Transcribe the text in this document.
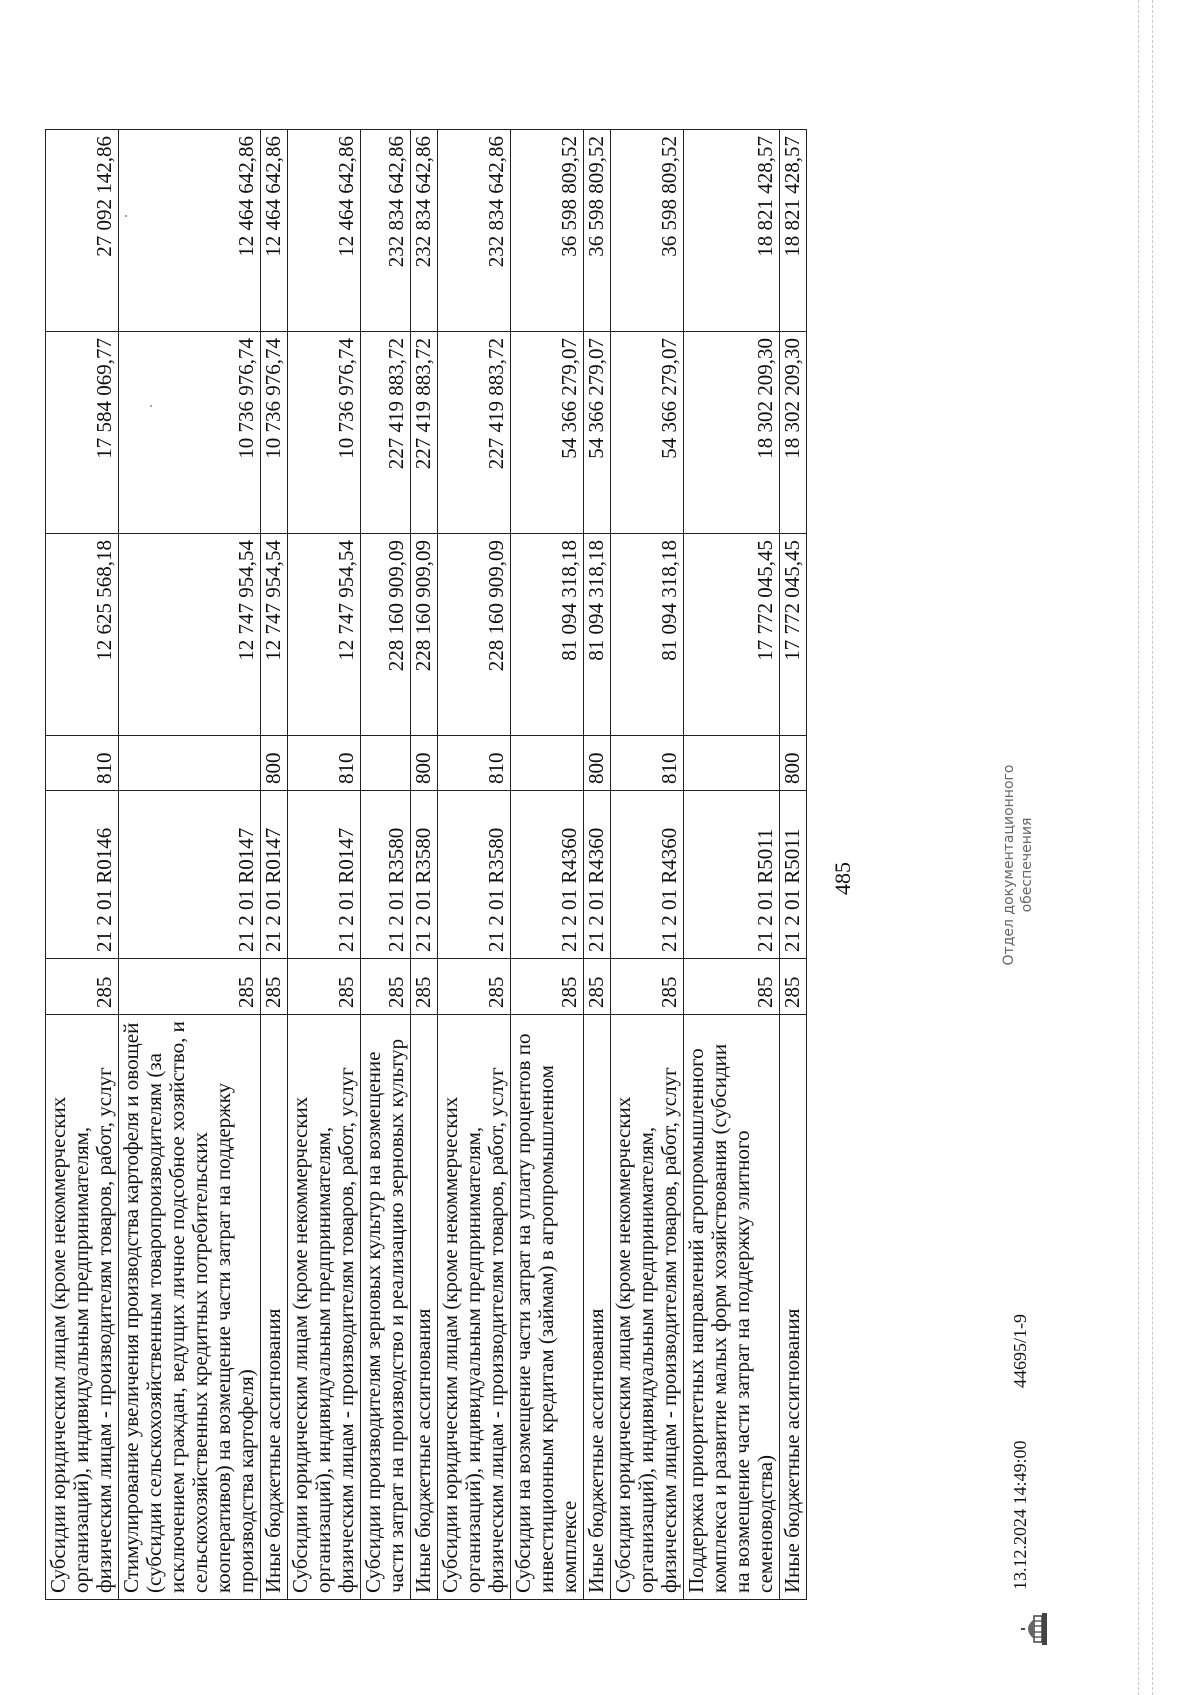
485
Субсидии юридическим лицам (кроме некоммерческих организаций), индивидуальным предпринимателям, физическим лицам - производителям товаров, работ, услуг	285	21 2 01 R0146	810	12 625 568,18	17 584 069,77	27 092 142,86
Стимулирование увеличения производства картофеля и овощей (субсидии сельскохозяйственным товаропроизводителям (за исключением граждан, ведущих личное подсобное хозяйство, и сельскохозяйственных кредитных потребительских кооперативов) на возмещение части затрат на поддержку производства картофеля)	285	21 2 01 R0147		12 747 954,54	10 736 976,74	12 464 642,86
Иные бюджетные ассигнования	285	21 2 01 R0147	800	12 747 954,54	10 736 976,74	12 464 642,86
Субсидии юридическим лицам (кроме некоммерческих организаций), индивидуальным предпринимателям, физическим лицам - производителям товаров, работ, услуг	285	21 2 01 R0147	810	12 747 954,54	10 736 976,74	12 464 642,86
Субсидии производителям зерновых культур на возмещение части затрат на производство и реализацию зерновых культур	285	21 2 01 R3580		228 160 909,09	227 419 883,72	232 834 642,86
Иные бюджетные ассигнования	285	21 2 01 R3580	800	228 160 909,09	227 419 883,72	232 834 642,86
Субсидии юридическим лицам (кроме некоммерческих организаций), индивидуальным предпринимателям, физическим лицам - производителям товаров, работ, услуг	285	21 2 01 R3580	810	228 160 909,09	227 419 883,72	232 834 642,86
Субсидии на возмещение части затрат на уплату процентов по инвестиционным кредитам (займам) в агропромышленном комплексе	285	21 2 01 R4360		81 094 318,18	54 366 279,07	36 598 809,52
Иные бюджетные ассигнования	285	21 2 01 R4360	800	81 094 318,18	54 366 279,07	36 598 809,52
Субсидии юридическим лицам (кроме некоммерческих организаций), индивидуальным предпринимателям, физическим лицам - производителям товаров, работ, услуг	285	21 2 01 R4360	810	81 094 318,18	54 366 279,07	36 598 809,52
Поддержка приоритетных направлений агропромышленного комплекса и развитие малых форм хозяйствования (субсидии на возмещение части затрат на поддержку элитного семеноводства)	285	21 2 01 R5011		17 772 045,45	18 302 209,30	18 821 428,57
Иные бюджетные ассигнования	285	21 2 01 R5011	800	17 772 045,45	18 302 209,30	18 821 428,57
13.12.2024 14:49:00 44695/1-9
Отдел документационного обеспечения
